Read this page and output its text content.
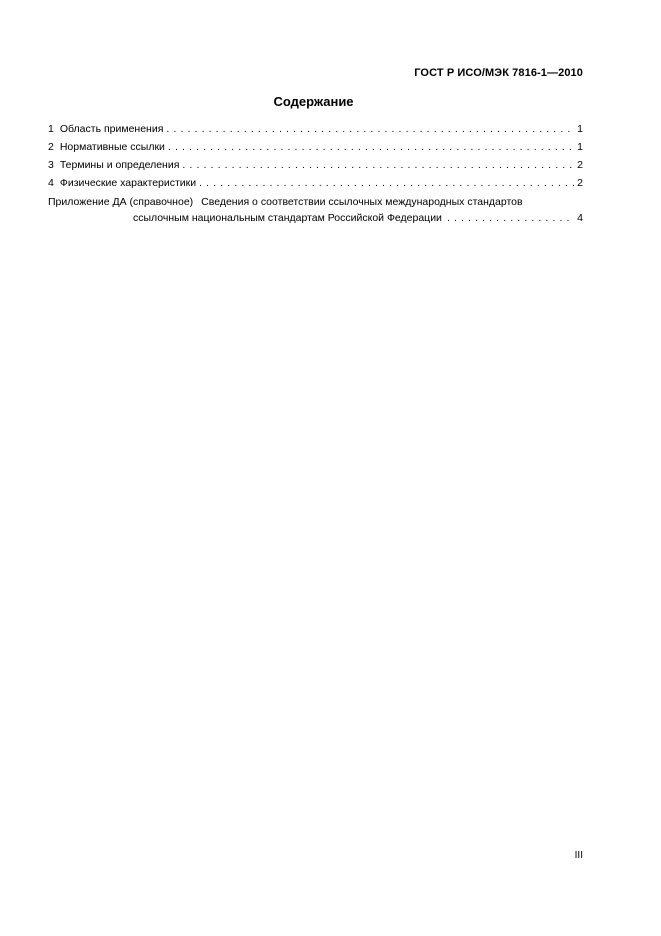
ГОСТ Р ИСО/МЭК 7816-1—2010
Содержание
1 Область применения . . .	1
2 Нормативные ссылки . . .	1
3 Термины и определения . . .	2
4 Физические характеристики . . .	2
Приложение ДА (справочное) Сведения о соответствии ссылочных международных стандартов
ссылочным национальным стандартам Российской Федерации . . .	4
III
